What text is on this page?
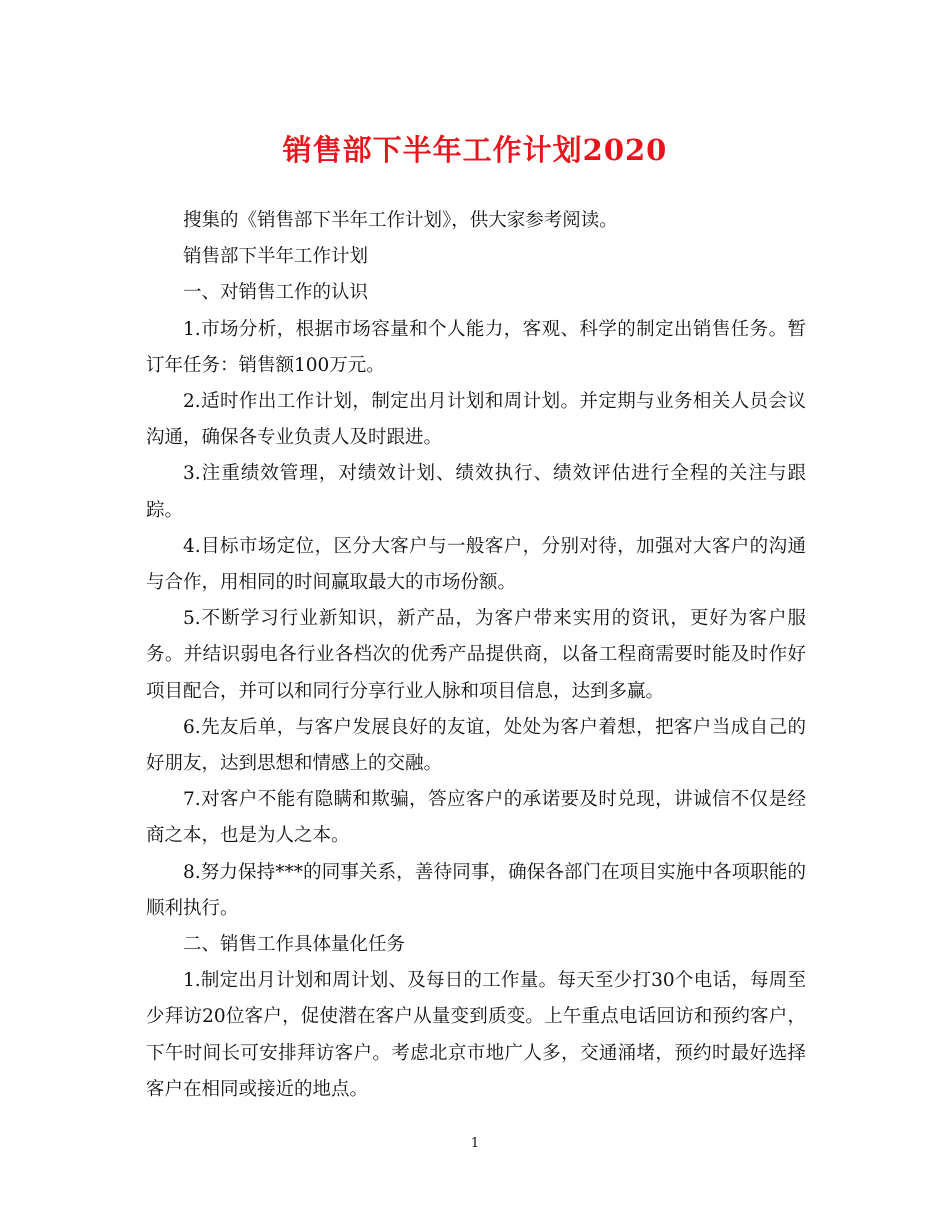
销售部下半年工作计划2020

搜集的《销售部下半年工作计划》，供大家参考阅读。

销售部下半年工作计划

一、对销售工作的认识

1.市场分析，根据市场容量和个人能力，客观、科学的制定出销售任务。暂订年任务：销售额100万元。

2.适时作出工作计划，制定出月计划和周计划。并定期与业务相关人员会议沟通，确保各专业负责人及时跟进。

3.注重绩效管理，对绩效计划、绩效执行、绩效评估进行全程的关注与跟踪。

4.目标市场定位，区分大客户与一般客户，分别对待，加强对大客户的沟通与合作，用相同的时间赢取最大的市场份额。

5.不断学习行业新知识，新产品，为客户带来实用的资讯，更好为客户服务。并结识弱电各行业各档次的优秀产品提供商，以备工程商需要时能及时作好项目配合，并可以和同行分享行业人脉和项目信息，达到多赢。

6.先友后单，与客户发展良好的友谊，处处为客户着想，把客户当成自己的好朋友，达到思想和情感上的交融。

7.对客户不能有隐瞒和欺骗，答应客户的承诺要及时兑现，讲诚信不仅是经商之本，也是为人之本。

8.努力保持***的同事关系，善待同事，确保各部门在项目实施中各项职能的顺利执行。

二、销售工作具体量化任务

1.制定出月计划和周计划、及每日的工作量。每天至少打30个电话，每周至少拜访20位客户，促使潜在客户从量变到质变。上午重点电话回访和预约客户，下午时间长可安排拜访客户。考虑北京市地广人多，交通涌堵，预约时最好选择客户在相同或接近的地点。

1
